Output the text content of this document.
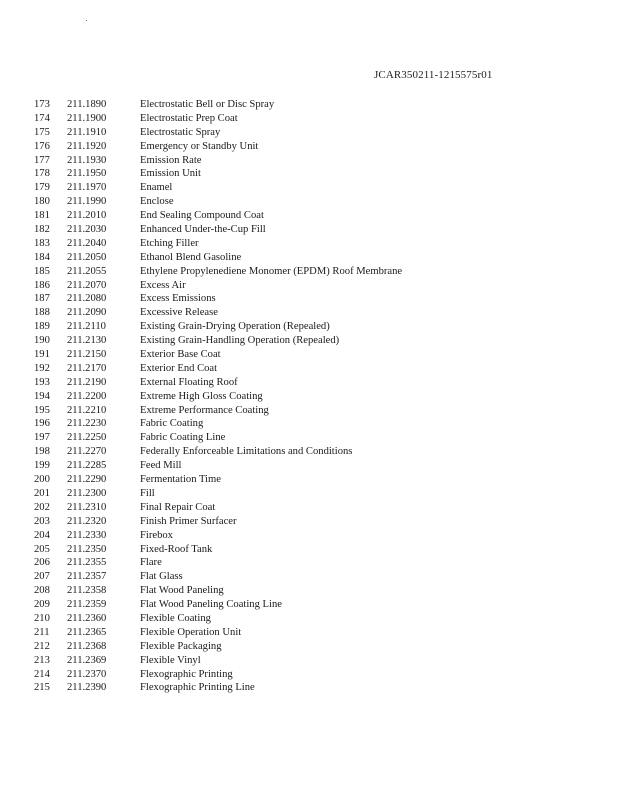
JCAR350211-1215575r01
173 211.1890	Electrostatic Bell or Disc Spray
174 211.1900	Electrostatic Prep Coat
175 211.1910	Electrostatic Spray
176 211.1920	Emergency or Standby Unit
177 211.1930	Emission Rate
178 211.1950	Emission Unit
179 211.1970	Enamel
180 211.1990	Enclose
181 211.2010	End Sealing Compound Coat
182 211.2030	Enhanced Under-the-Cup Fill
183 211.2040	Etching Filler
184 211.2050	Ethanol Blend Gasoline
185 211.2055	Ethylene Propylenediene Monomer (EPDM) Roof Membrane
186 211.2070	Excess Air
187 211.2080	Excess Emissions
188 211.2090	Excessive Release
189 211.2110	Existing Grain-Drying Operation (Repealed)
190 211.2130	Existing Grain-Handling Operation (Repealed)
191 211.2150	Exterior Base Coat
192 211.2170	Exterior End Coat
193 211.2190	External Floating Roof
194 211.2200	Extreme High Gloss Coating
195 211.2210	Extreme Performance Coating
196 211.2230	Fabric Coating
197 211.2250	Fabric Coating Line
198 211.2270	Federally Enforceable Limitations and Conditions
199 211.2285	Feed Mill
200 211.2290	Fermentation Time
201 211.2300	Fill
202 211.2310	Final Repair Coat
203 211.2320	Finish Primer Surfacer
204 211.2330	Firebox
205 211.2350	Fixed-Roof Tank
206 211.2355	Flare
207 211.2357	Flat Glass
208 211.2358	Flat Wood Paneling
209 211.2359	Flat Wood Paneling Coating Line
210 211.2360	Flexible Coating
211 211.2365	Flexible Operation Unit
212 211.2368	Flexible Packaging
213 211.2369	Flexible Vinyl
214 211.2370	Flexographic Printing
215 211.2390	Flexographic Printing Line
